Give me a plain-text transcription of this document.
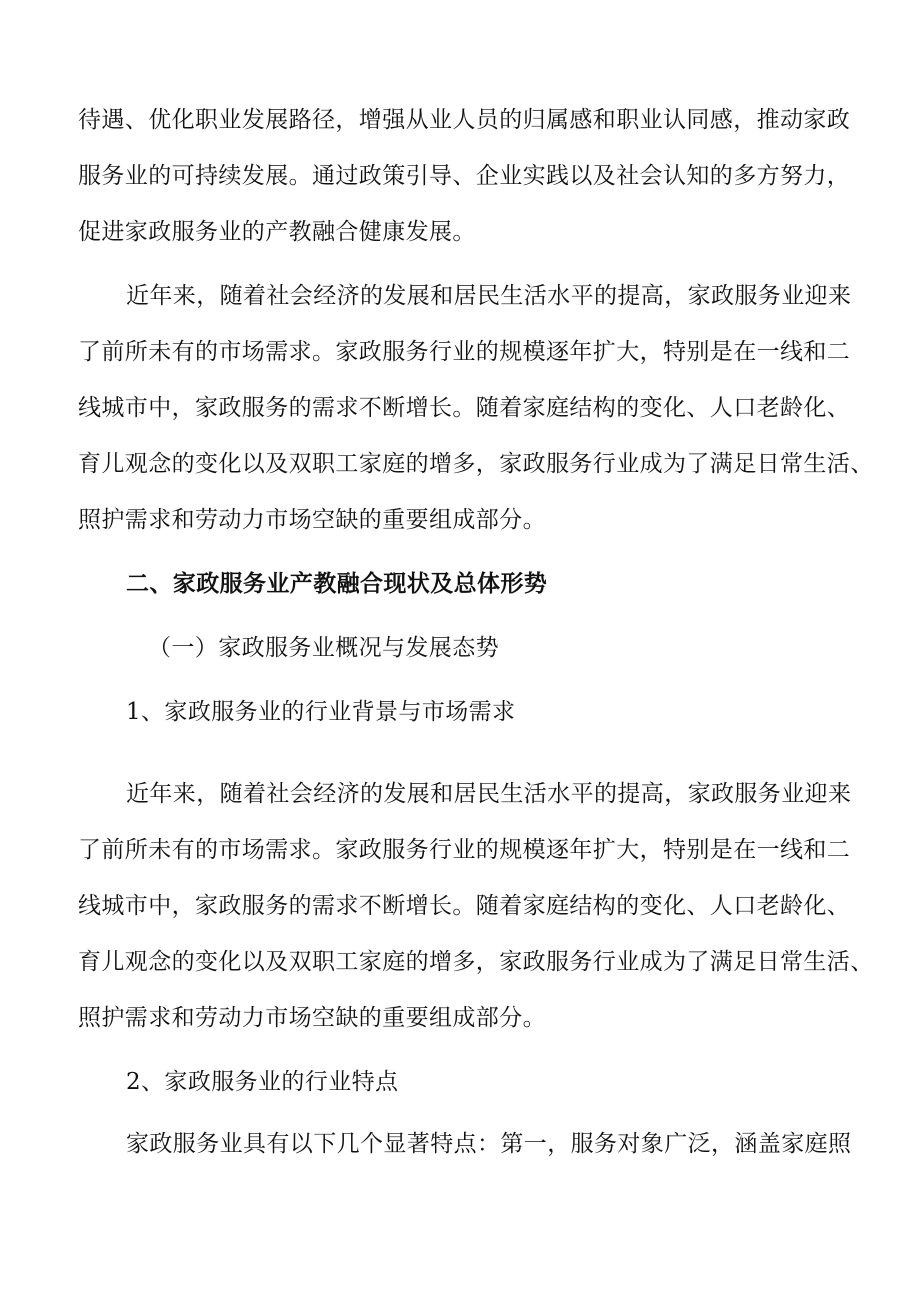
待遇、优化职业发展路径，增强从业人员的归属感和职业认同感，推动家政
服务业的可持续发展。通过政策引导、企业实践以及社会认知的多方努力，
促进家政服务业的产教融合健康发展。
近年来，随着社会经济的发展和居民生活水平的提高，家政服务业迎来
了前所未有的市场需求。家政服务行业的规模逐年扩大，特别是在一线和二
线城市中，家政服务的需求不断增长。随着家庭结构的变化、人口老龄化、
育儿观念的变化以及双职工家庭的增多，家政服务行业成为了满足日常生活、
照护需求和劳动力市场空缺的重要组成部分。
二、家政服务业产教融合现状及总体形势
（一）家政服务业概况与发展态势
1、家政服务业的行业背景与市场需求
近年来，随着社会经济的发展和居民生活水平的提高，家政服务业迎来
了前所未有的市场需求。家政服务行业的规模逐年扩大，特别是在一线和二
线城市中，家政服务的需求不断增长。随着家庭结构的变化、人口老龄化、
育儿观念的变化以及双职工家庭的增多，家政服务行业成为了满足日常生活、
照护需求和劳动力市场空缺的重要组成部分。
2、家政服务业的行业特点
家政服务业具有以下几个显著特点：第一，服务对象广泛，涵盖家庭照
